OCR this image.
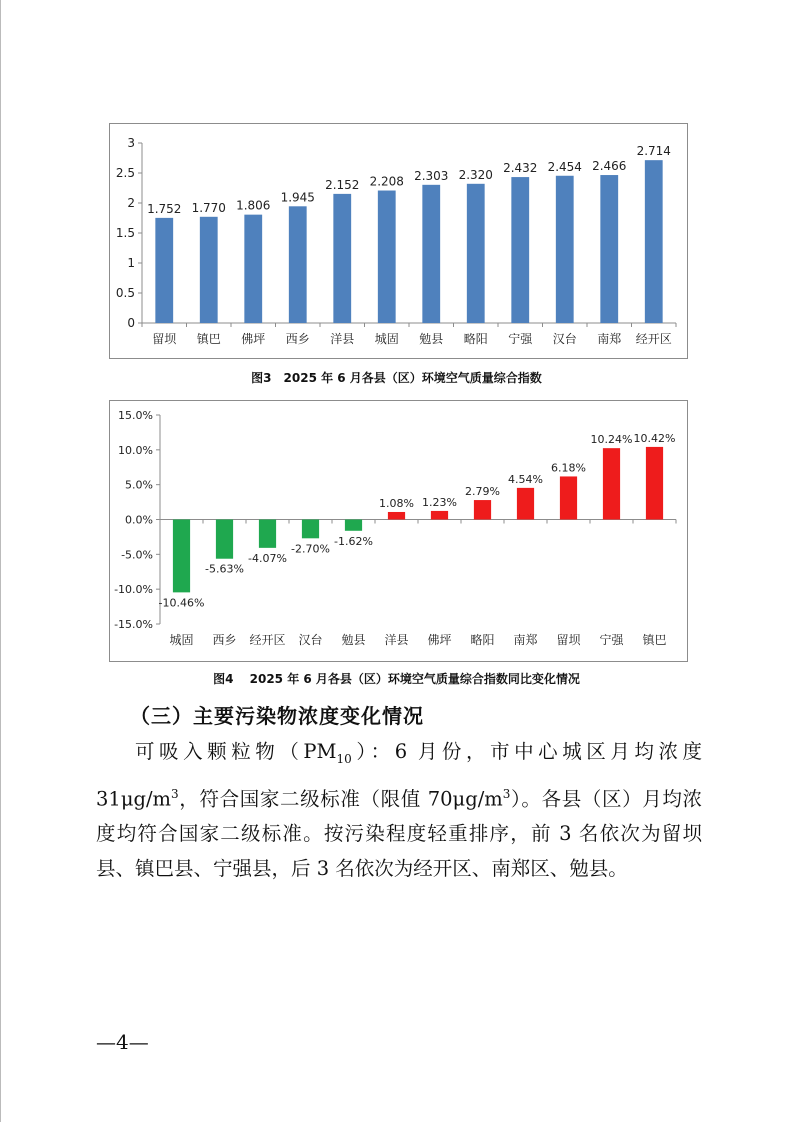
0
0.5
1
1.5
2
2.5
3
1.752
留坝
1.770
镇巴
1.806
佛坪
1.945
西乡
2.152
洋县
2.208
城固
2.303
勉县
2.320
略阳
2.432
宁强
2.454
汉台
2.466
南郑
2.714
经开区
图3　2025 年 6 月各县（区）环境空气质量综合指数
-15.0%
-10.0%
-5.0%
0.0%
5.0%
10.0%
15.0%
-10.46%
城固
-5.63%
西乡
-4.07%
经开区
-2.70%
汉台
-1.62%
勉县
1.08%
洋县
1.23%
佛坪
2.79%
略阳
4.54%
南郑
6.18%
留坝
10.24%
宁强
10.42%
镇巴
图4　 2025 年 6 月各县（区）环境空气质量综合指数同比变化情况
（三）主要污染物浓度变化情况
可吸入颗粒物$(PM_{10})$：6 月份，市中心城区月均浓度 $31\mu g/m^3$，符合国家二级标准（限值 $70\mu g/m^3$）。各县（区）月均浓度均符合国家二级标准。按污染程度轻重排序，前 3 名依次为留坝县、镇巴县、宁强县，后 3 名依次为经开区、南郑区、勉县。
—4—
